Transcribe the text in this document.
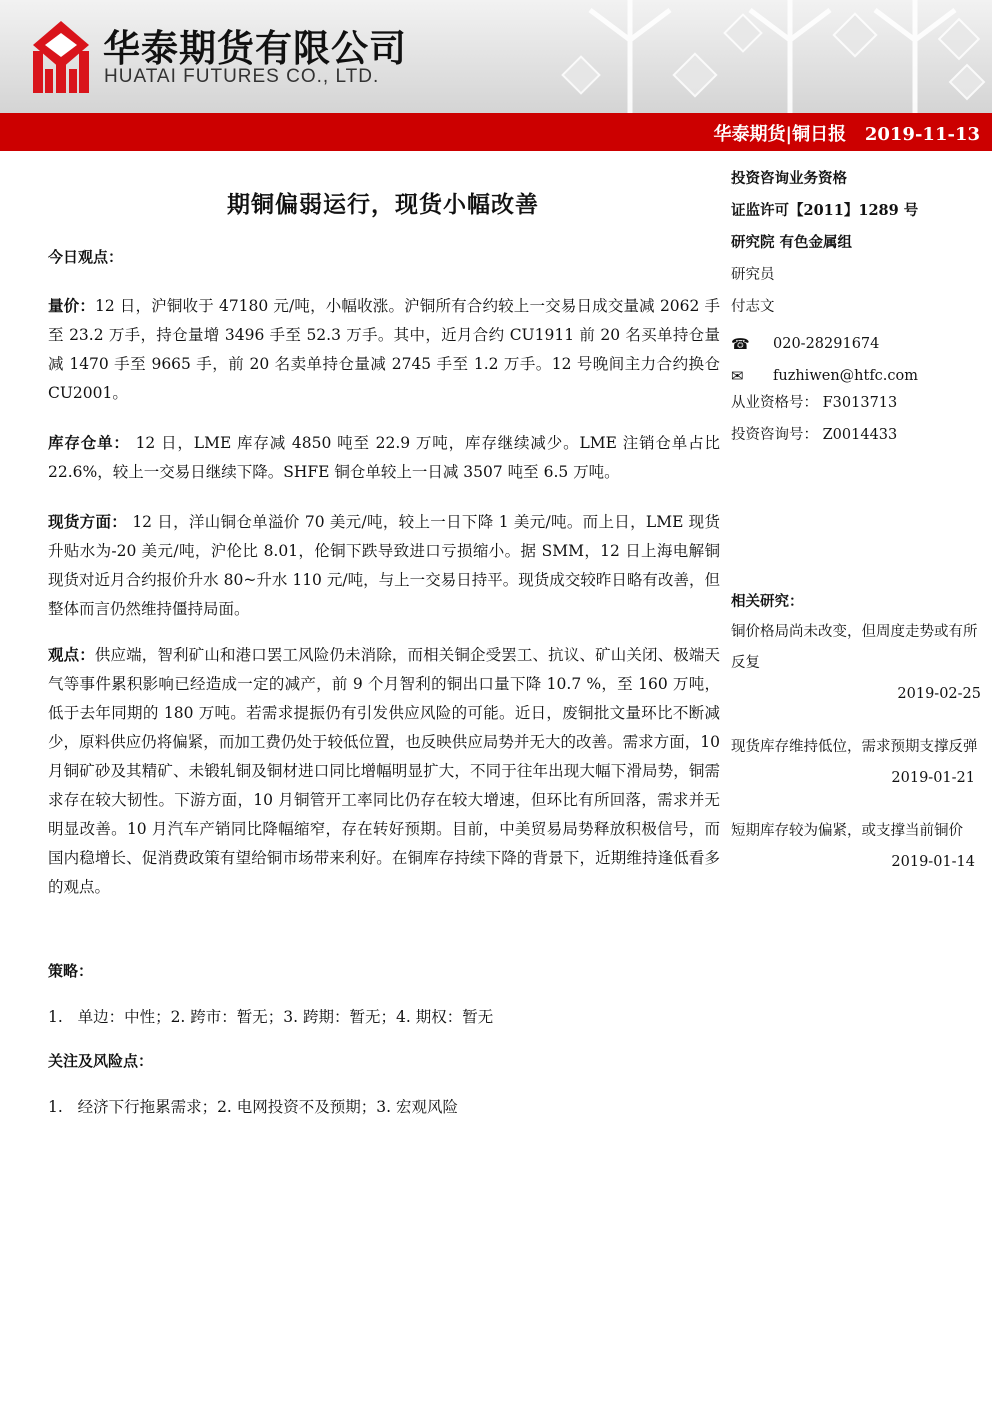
华泰期货有限公司
HUATAI FUTURES CO., LTD.
华泰期货|铜日报   2019-11-13
期铜偏弱运行，现货小幅改善

今日观点：

量价：12 日，沪铜收于 47180 元/吨，小幅收涨。沪铜所有合约较上一交易日成交量减 2062 手至 23.2 万手，持仓量增 3496 手至 52.3 万手。其中，近月合约 CU1911 前 20 名买单持仓量减 1470 手至 9665 手，前 20 名卖单持仓量减 2745 手至 1.2 万手。12 号晚间主力合约换仓 CU2001。

库存仓单： 12 日，LME 库存减 4850 吨至 22.9 万吨，库存继续减少。LME 注销仓单占比 22.6%，较上一交易日继续下降。SHFE 铜仓单较上一日减 3507 吨至 6.5 万吨。

现货方面： 12 日，洋山铜仓单溢价 70 美元/吨，较上一日下降 1 美元/吨。而上日，LME 现货升贴水为-20 美元/吨，沪伦比 8.01，伦铜下跌导致进口亏损缩小。据 SMM，12 日上海电解铜现货对近月合约报价升水 80~升水 110 元/吨，与上一交易日持平。现货成交较昨日略有改善，但整体而言仍然维持僵持局面。

观点：供应端，智利矿山和港口罢工风险仍未消除，而相关铜企受罢工、抗议、矿山关闭、极端天气等事件累积影响已经造成一定的减产，前 9 个月智利的铜出口量下降 10.7 %，至 160 万吨，低于去年同期的 180 万吨。若需求提振仍有引发供应风险的可能。近日，废铜批文量环比不断减少，原料供应仍将偏紧，而加工费仍处于较低位置，也反映供应局势并无大的改善。需求方面，10 月铜矿砂及其精矿、未锻轧铜及铜材进口同比增幅明显扩大，不同于往年出现大幅下滑局势，铜需求存在较大韧性。下游方面，10 月铜管开工率同比仍存在较大增速，但环比有所回落，需求并无明显改善。10 月汽车产销同比降幅缩窄，存在转好预期。目前，中美贸易局势释放积极信号，而国内稳增长、促消费政策有望给铜市场带来利好。在铜库存持续下降的背景下，近期维持逢低看多的观点。

策略：

1.   单边：中性；2. 跨市：暂无；3. 跨期：暂无；4. 期权：暂无

关注及风险点：

1.   经济下行拖累需求；2. 电网投资不及预期；3. 宏观风险

投资咨询业务资格
证监许可【2011】1289 号
研究院 有色金属组
研究员
付志文
☎	020-28291674
✉	fuzhiwen@htfc.com
从业资格号： F3013713
投资咨询号： Z0014433
相关研究：
铜价格局尚未改变，但周度走势或有所反复
2019-02-25
现货库存维持低位，需求预期支撑反弹
2019-01-21
短期库存较为偏紧，或支撑当前铜价
2019-01-14
